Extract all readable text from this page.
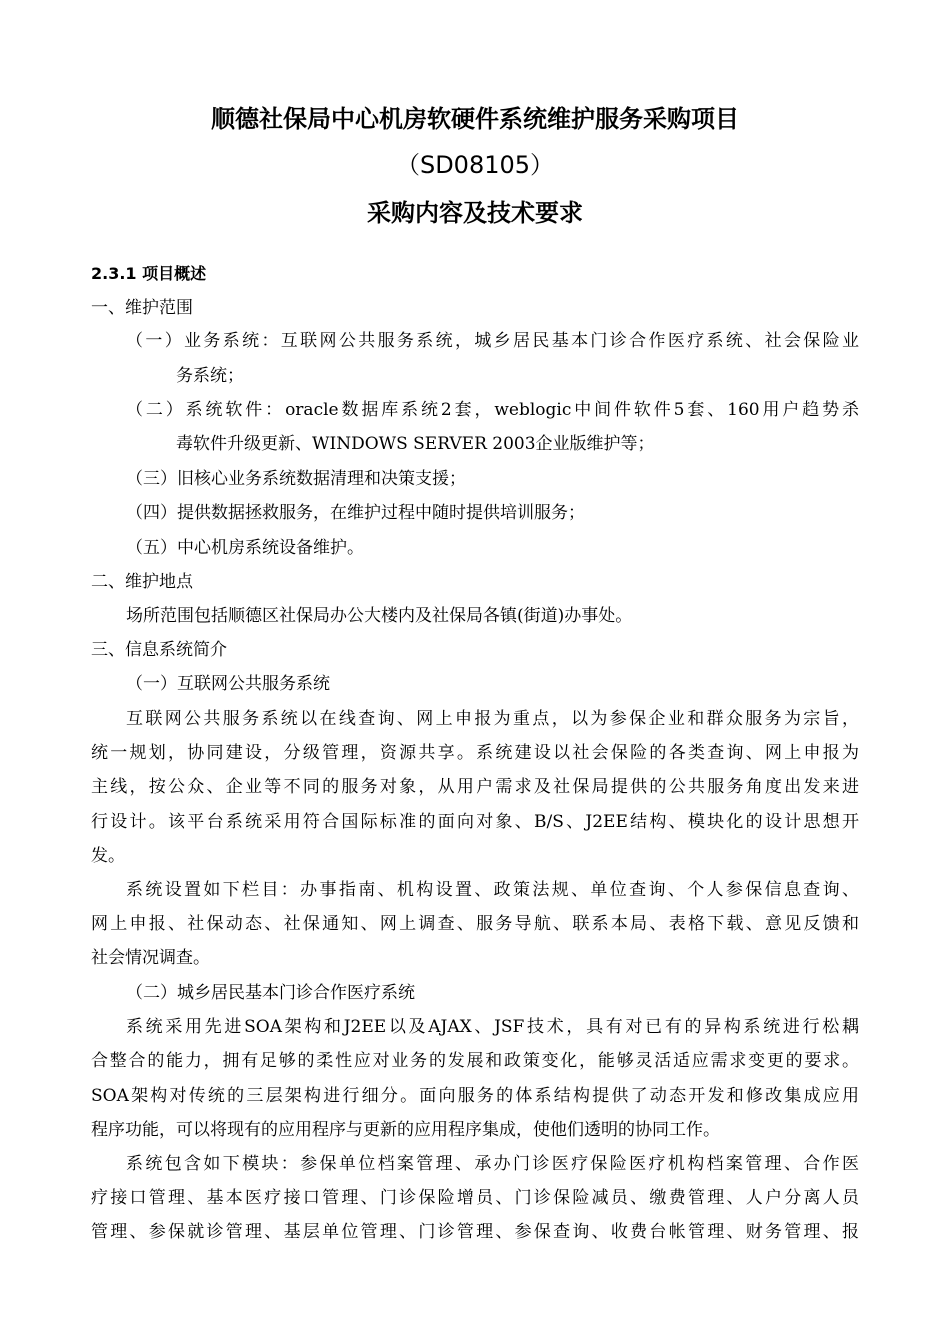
顺德社保局中心机房软硬件系统维护服务采购项目
（SD08105）
采购内容及技术要求
2.3.1 项目概述
一、维护范围
（一）业务系统：互联网公共服务系统，城乡居民基本门诊合作医疗系统、社会保险业
务系统；
（二）系统软件：oracle数据库系统2套，weblogic中间件软件5套、160用户趋势杀
毒软件升级更新、WINDOWS SERVER 2003企业版维护等；
（三）旧核心业务系统数据清理和决策支援；
（四）提供数据拯救服务，在维护过程中随时提供培训服务；
（五）中心机房系统设备维护。
二、维护地点
场所范围包括顺德区社保局办公大楼内及社保局各镇(街道)办事处。
三、信息系统简介
（一）互联网公共服务系统
互联网公共服务系统以在线查询、网上申报为重点，以为参保企业和群众服务为宗旨，
统一规划，协同建设，分级管理，资源共享。系统建设以社会保险的各类查询、网上申报为
主线，按公众、企业等不同的服务对象，从用户需求及社保局提供的公共服务角度出发来进
行设计。该平台系统采用符合国际标准的面向对象、B/S、J2EE结构、模块化的设计思想开
发。
系统设置如下栏目：办事指南、机构设置、政策法规、单位查询、个人参保信息查询、
网上申报、社保动态、社保通知、网上调查、服务导航、联系本局、表格下载、意见反馈和
社会情况调查。
（二）城乡居民基本门诊合作医疗系统
系统采用先进SOA架构和J2EE以及AJAX、JSF技术，具有对已有的异构系统进行松耦
合整合的能力，拥有足够的柔性应对业务的发展和政策变化，能够灵活适应需求变更的要求。
SOA架构对传统的三层架构进行细分。面向服务的体系结构提供了动态开发和修改集成应用
程序功能，可以将现有的应用程序与更新的应用程序集成，使他们透明的协同工作。
系统包含如下模块：参保单位档案管理、承办门诊医疗保险医疗机构档案管理、合作医
疗接口管理、基本医疗接口管理、门诊保险增员、门诊保险减员、缴费管理、人户分离人员
管理、参保就诊管理、基层单位管理、门诊管理、参保查询、收费台帐管理、财务管理、报
